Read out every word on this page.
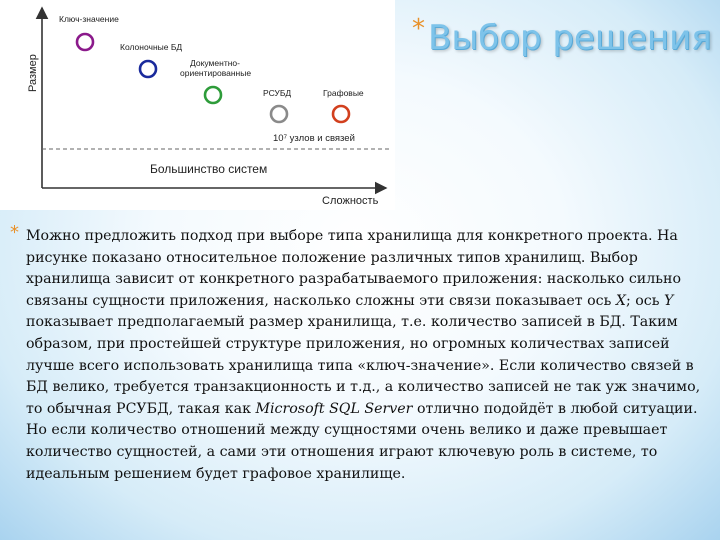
Размер
Сложность
Большинство систем
10⁷ узлов и связей
Ключ-значение
Колоночные БД
Документно-
ориентированные
РСУБД	Графовые
* Выбор решения
* Можно предложить подход при выборе типа хранилища для конкретного проекта. На рисунке показано относительное положение различных типов хранилищ. Выбор хранилища зависит от конкретного разрабатываемого приложения: насколько сильно связаны сущности приложения, насколько сложны эти связи показывает ось X; ось Y показывает предполагаемый размер хранилища, т.е. количество записей в БД. Таким образом, при простейшей структуре приложения, но огромных количествах записей лучше всего использовать хранилища типа «ключ-значение». Если количество связей в БД велико, требуется транзакционность и т.д., а количество записей не так уж значимо, то обычная РСУБД, такая как Microsoft SQL Server отлично подойдёт в любой ситуации. Но если количество отношений между сущностями очень велико и даже превышает количество сущностей, а сами эти отношения играют ключевую роль в системе, то идеальным решением будет графовое хранилище.
